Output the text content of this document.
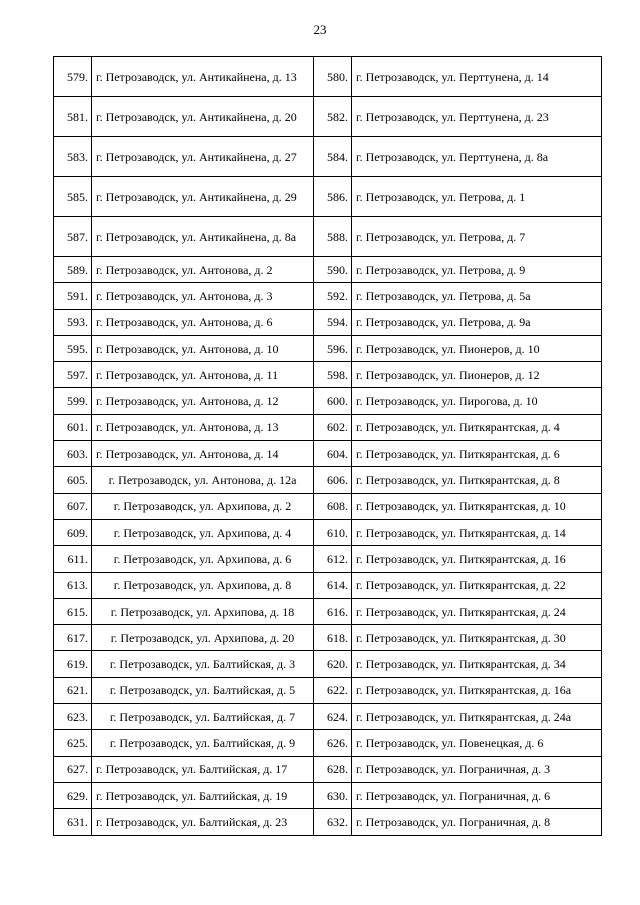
23
579.	г. Петрозаводск, ул. Антикайнена, д. 13	580.	г. Петрозаводск, ул. Перттунена, д. 14
581.	г. Петрозаводск, ул. Антикайнена, д. 20	582.	г. Петрозаводск, ул. Перттунена, д. 23
583.	г. Петрозаводск, ул. Антикайнена, д. 27	584.	г. Петрозаводск, ул. Перттунена, д. 8а
585.	г. Петрозаводск, ул. Антикайнена, д. 29	586.	г. Петрозаводск, ул. Петрова, д. 1
587.	г. Петрозаводск, ул. Антикайнена, д. 8а	588.	г. Петрозаводск, ул. Петрова, д. 7
589.	г. Петрозаводск, ул. Антонова, д. 2	590.	г. Петрозаводск, ул. Петрова, д. 9
591.	г. Петрозаводск, ул. Антонова, д. 3	592.	г. Петрозаводск, ул. Петрова, д. 5а
593.	г. Петрозаводск, ул. Антонова, д. 6	594.	г. Петрозаводск, ул. Петрова, д. 9а
595.	г. Петрозаводск, ул. Антонова, д. 10	596.	г. Петрозаводск, ул. Пионеров, д. 10
597.	г. Петрозаводск, ул. Антонова, д. 11	598.	г. Петрозаводск, ул. Пионеров, д. 12
599.	г. Петрозаводск, ул. Антонова, д. 12	600.	г. Петрозаводск, ул. Пирогова, д. 10
601.	г. Петрозаводск, ул. Антонова, д. 13	602.	г. Петрозаводск, ул. Питкярантская, д. 4
603.	г. Петрозаводск, ул. Антонова, д. 14	604.	г. Петрозаводск, ул. Питкярантская, д. 6
605.	г. Петрозаводск, ул. Антонова, д. 12а	606.	г. Петрозаводск, ул. Питкярантская, д. 8
607.	г. Петрозаводск, ул. Архипова, д. 2	608.	г. Петрозаводск, ул. Питкярантская, д. 10
609.	г. Петрозаводск, ул. Архипова, д. 4	610.	г. Петрозаводск, ул. Питкярантская, д. 14
611.	г. Петрозаводск, ул. Архипова, д. 6	612.	г. Петрозаводск, ул. Питкярантская, д. 16
613.	г. Петрозаводск, ул. Архипова, д. 8	614.	г. Петрозаводск, ул. Питкярантская, д. 22
615.	г. Петрозаводск, ул. Архипова, д. 18	616.	г. Петрозаводск, ул. Питкярантская, д. 24
617.	г. Петрозаводск, ул. Архипова, д. 20	618.	г. Петрозаводск, ул. Питкярантская, д. 30
619.	г. Петрозаводск, ул. Балтийская, д. 3	620.	г. Петрозаводск, ул. Питкярантская, д. 34
621.	г. Петрозаводск, ул. Балтийская, д. 5	622.	г. Петрозаводск, ул. Питкярантская, д. 16а
623.	г. Петрозаводск, ул. Балтийская, д. 7	624.	г. Петрозаводск, ул. Питкярантская, д. 24а
625.	г. Петрозаводск, ул. Балтийская, д. 9	626.	г. Петрозаводск, ул. Повенецкая, д. 6
627.	г. Петрозаводск, ул. Балтийская, д. 17	628.	г. Петрозаводск, ул. Пограничная, д. 3
629.	г. Петрозаводск, ул. Балтийская, д. 19	630.	г. Петрозаводск, ул. Пограничная, д. 6
631.	г. Петрозаводск, ул. Балтийская, д. 23	632.	г. Петрозаводск, ул. Пограничная, д. 8
